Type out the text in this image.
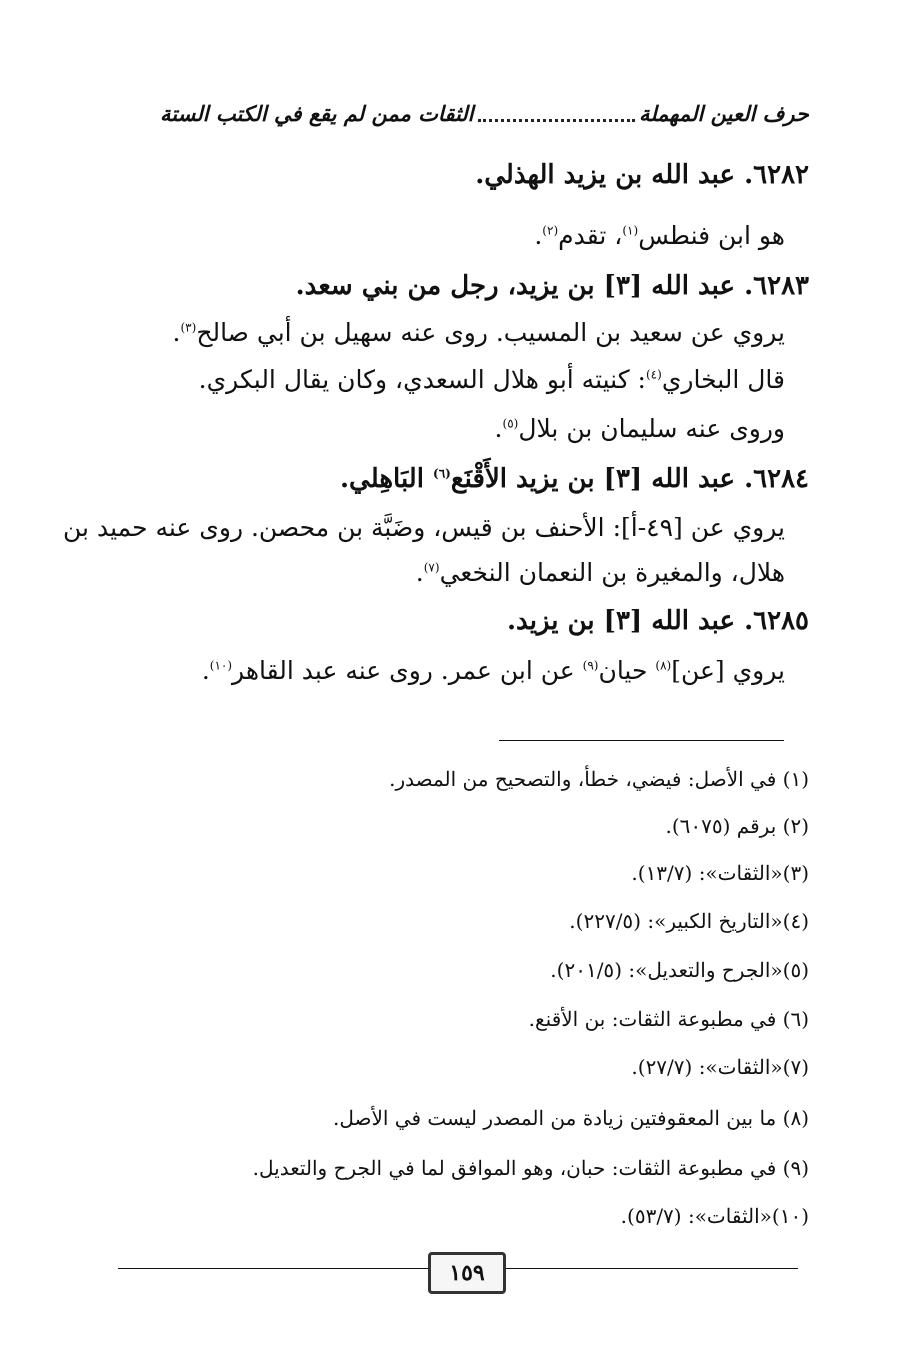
حرف العين المهملة
الثقات ممن لم يقع في الكتب الستة
٦٢٨٢. عبد الله بن يزيد الهذلي.
هو ابن فنطس$^{(١)}$، تقدم$^{(٢)}$.
٦٢٨٣. عبد الله [٣] بن يزيد، رجل من بني سعد.
يروي عن سعيد بن المسيب. روى عنه سهيل بن أبي صالح$^{(٣)}$.
قال البخاري$^{(٤)}$: كنيته أبو هلال السعدي، وكان يقال البكري.
وروى عنه سليمان بن بلال$^{(٥)}$.
٦٢٨٤. عبد الله [٣] بن يزيد الأَقْنَع$^{(٦)}$ البَاهِلي.
يروي عن [٤٩-أ]: الأحنف بن قيس، وضَبَّة بن محصن. روى عنه حميد بن
هلال، والمغيرة بن النعمان النخعي$^{(٧)}$.
٦٢٨٥. عبد الله [٣] بن يزيد.
يروي [عن]$^{(٨)}$ حيان$^{(٩)}$ عن ابن عمر. روى عنه عبد القاهر$^{(١٠)}$.
(١) في الأصل: فيضي، خطأ، والتصحيح من المصدر.
(٢) برقم (٦٠٧٥).
(٣)«الثقات»: (١٣/٧).
(٤)«التاريخ الكبير»: (٢٢٧/٥).
(٥)«الجرح والتعديل»: (٢٠١/٥).
(٦) في مطبوعة الثقات: بن الأقنع.
(٧)«الثقات»: (٢٧/٧).
(٨) ما بين المعقوفتين زيادة من المصدر ليست في الأصل.
(٩) في مطبوعة الثقات: حبان، وهو الموافق لما في الجرح والتعديل.
(١٠)«الثقات»: (٥٣/٧).
١٥٩
